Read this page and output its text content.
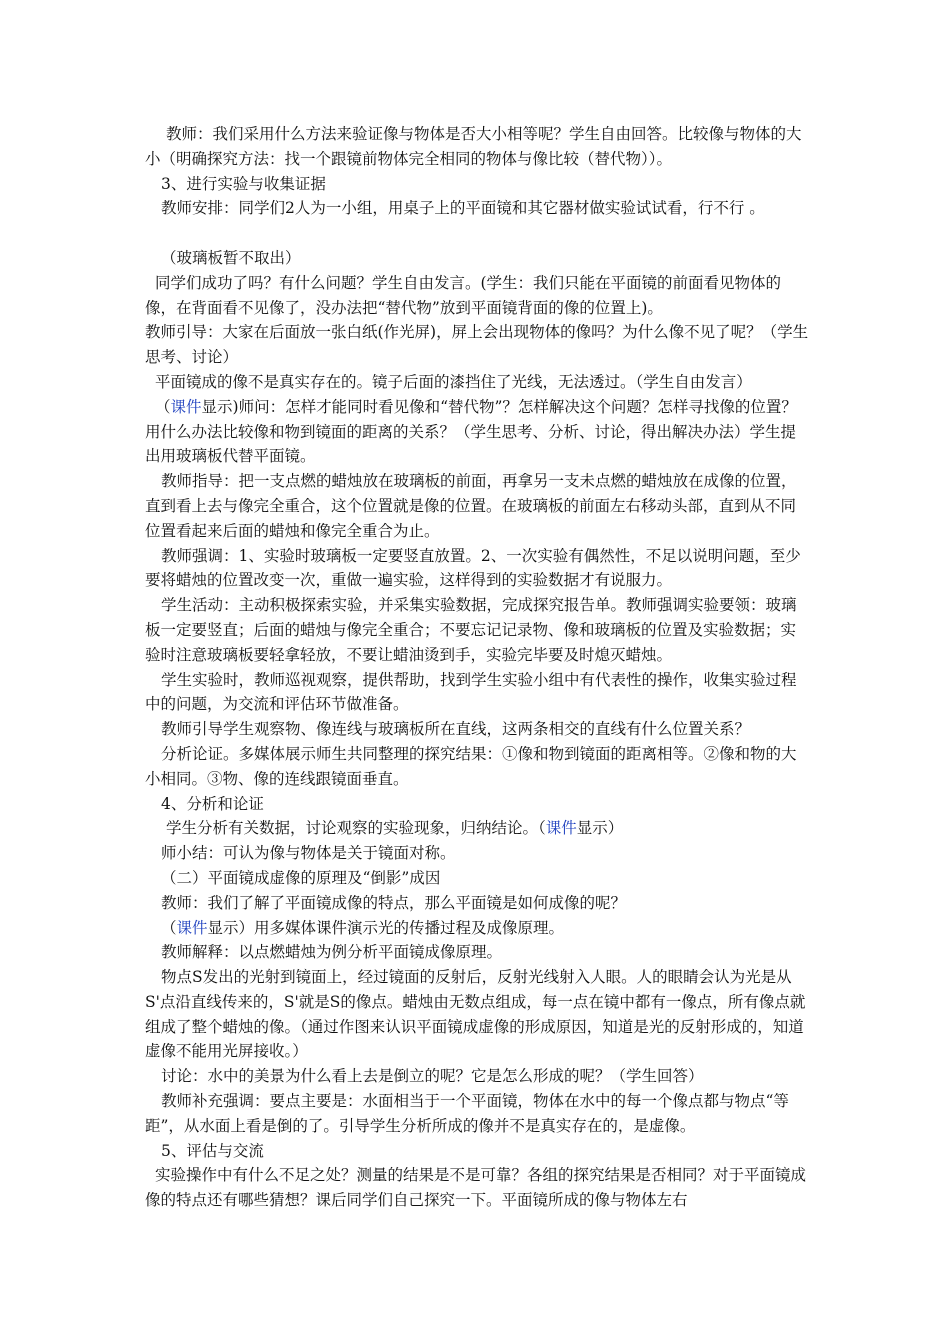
教师：我们采用什么方法来验证像与物体是否大小相等呢？学生自由回答。比较像与物体的大小（明确探究方法：找一个跟镜前物体完全相同的物体与像比较（替代物））。

3、进行实验与收集证据

教师安排：同学们2人为一小组，用桌子上的平面镜和其它器材做实验试试看，行不行 。

（玻璃板暂不取出）

同学们成功了吗？有什么问题？学生自由发言。(学生：我们只能在平面镜的前面看见物体的像，在背面看不见像了，没办法把“替代物”放到平面镜背面的像的位置上)。

教师引导：大家在后面放一张白纸(作光屏)，屏上会出现物体的像吗？为什么像不见了呢？（学生思考、讨论）

平面镜成的像不是真实存在的。镜子后面的漆挡住了光线，无法透过。（学生自由发言）

（课件显示)师问：怎样才能同时看见像和“替代物”？怎样解决这个问题？怎样寻找像的位置？用什么办法比较像和物到镜面的距离的关系？（学生思考、分析、讨论，得出解决办法）学生提出用玻璃板代替平面镜。

教师指导：把一支点燃的蜡烛放在玻璃板的前面，再拿另一支未点燃的蜡烛放在成像的位置，直到看上去与像完全重合，这个位置就是像的位置。在玻璃板的前面左右移动头部，直到从不同位置看起来后面的蜡烛和像完全重合为止。

教师强调：1、实验时玻璃板一定要竖直放置。2、一次实验有偶然性，不足以说明问题，至少要将蜡烛的位置改变一次，重做一遍实验，这样得到的实验数据才有说服力。

学生活动：主动积极探索实验，并采集实验数据，完成探究报告单。教师强调实验要领：玻璃板一定要竖直；后面的蜡烛与像完全重合；不要忘记记录物、像和玻璃板的位置及实验数据；实验时注意玻璃板要轻拿轻放，不要让蜡油烫到手，实验完毕要及时熄灭蜡烛。

学生实验时，教师巡视观察，提供帮助，找到学生实验小组中有代表性的操作，收集实验过程中的问题，为交流和评估环节做准备。

教师引导学生观察物、像连线与玻璃板所在直线，这两条相交的直线有什么位置关系？

分析论证。多媒体展示师生共同整理的探究结果：①像和物到镜面的距离相等。②像和物的大小相同。③物、像的连线跟镜面垂直。

4、分析和论证

学生分析有关数据，讨论观察的实验现象，归纳结论。（课件显示）

师小结：可认为像与物体是关于镜面对称。

（二）平面镜成虚像的原理及“倒影”成因

教师：我们了解了平面镜成像的特点，那么平面镜是如何成像的呢？

（课件显示）用多媒体课件演示光的传播过程及成像原理。

教师解释：以点燃蜡烛为例分析平面镜成像原理。

物点S发出的光射到镜面上，经过镜面的反射后，反射光线射入人眼。人的眼睛会认为光是从S'点沿直线传来的，S'就是S的像点。蜡烛由无数点组成，每一点在镜中都有一像点，所有像点就组成了整个蜡烛的像。（通过作图来认识平面镜成虚像的形成原因，知道是光的反射形成的，知道虚像不能用光屏接收。）

讨论：水中的美景为什么看上去是倒立的呢？它是怎么形成的呢？（学生回答）

教师补充强调：要点主要是：水面相当于一个平面镜，物体在水中的每一个像点都与物点“等距”，从水面上看是倒的了。引导学生分析所成的像并不是真实存在的，是虚像。

5、评估与交流

实验操作中有什么不足之处？测量的结果是不是可靠？各组的探究结果是否相同？对于平面镜成像的特点还有哪些猜想？课后同学们自己探究一下。平面镜所成的像与物体左右
